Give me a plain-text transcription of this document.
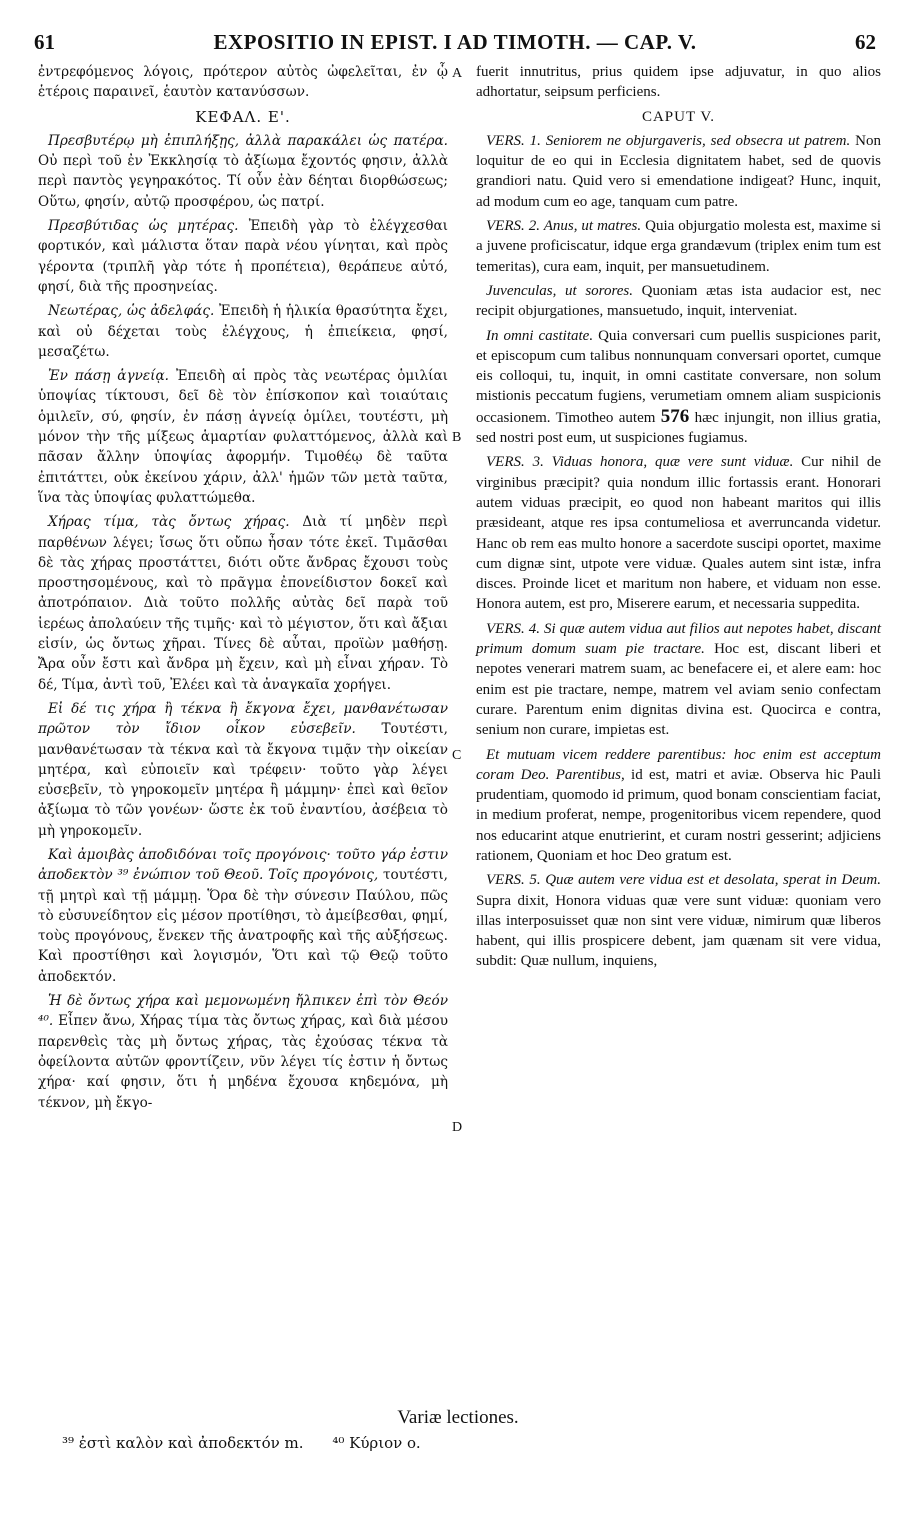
61	EXPOSITIO IN EPIST. I AD TIMOTH. — CAP. V.	62

ἐντρεφόμενος λόγοις, πρότερον αὐτὸς ὠφελεῖται, ἐν ᾧ ἑτέροις παραινεῖ, ἑαυτὸν κατανύσσων.

ΚΕΦΑΛ. Ε'.

Πρεσβυτέρῳ μὴ ἐπιπλήξῃς, ἀλλὰ παρακάλει ὡς πατέρα. Οὐ περὶ τοῦ ἐν Ἐκκλησίᾳ τὸ ἀξίωμα ἔχοντός φησιν, ἀλλὰ περὶ παντὸς γεγηρακότος. Τί οὖν ἐὰν δέηται διορθώσεως; Οὕτω, φησίν, αὐτῷ προσφέρου, ὡς πατρί.

Πρεσβύτιδας ὡς μητέρας. Ἐπειδὴ γὰρ τὸ ἐλέγχεσθαι φορτικόν, καὶ μάλιστα ὅταν παρὰ νέου γίνηται, καὶ πρὸς γέροντα (τριπλῆ γὰρ τότε ἡ προπέτεια), θεράπευε αὐτό, φησί, διὰ τῆς προσηνείας.

Νεωτέρας, ὡς ἀδελφάς. Ἐπειδὴ ἡ ἡλικία θρασύτητα ἔχει, καὶ οὐ δέχεται τοὺς ἐλέγχους, ἡ ἐπιείκεια, φησί, μεσαζέτω.

Ἐν πάσῃ ἁγνείᾳ. Ἐπειδὴ αἱ πρὸς τὰς νεωτέρας ὁμιλίαι ὑποψίας τίκτουσι, δεῖ δὲ τὸν ἐπίσκοπον καὶ τοιαύταις ὁμιλεῖν, σύ, φησίν, ἐν πάσῃ ἁγνείᾳ ὁμίλει, τουτέστι, μὴ μόνον τὴν τῆς μίξεως ἁμαρτίαν φυλαττόμενος, ἀλλὰ καὶ πᾶσαν ἄλλην ὑποψίας ἀφορμήν. Τιμοθέῳ δὲ ταῦτα ἐπιτάττει, οὐκ ἐκείνου χάριν, ἀλλ' ἡμῶν τῶν μετὰ ταῦτα, ἵνα τὰς ὑποψίας φυλαττώμεθα.

Χήρας τίμα, τὰς ὄντως χήρας. Διὰ τί μηδὲν περὶ παρθένων λέγει; ἴσως ὅτι οὔπω ἦσαν τότε ἐκεῖ. Τιμᾶσθαι δὲ τὰς χήρας προστάττει, διότι οὔτε ἄνδρας ἔχουσι τοὺς προστησομένους, καὶ τὸ πρᾶγμα ἐπονείδιστον δοκεῖ καὶ ἀποτρόπαιον. Διὰ τοῦτο πολλῆς αὐτὰς δεῖ παρὰ τοῦ ἱερέως ἀπολαύειν τῆς τιμῆς· καὶ τὸ μέγιστον, ὅτι καὶ ἄξιαι εἰσίν, ὡς ὄντως χῆραι. Τίνες δὲ αὗται, προϊὼν μαθήσῃ. Ἄρα οὖν ἔστι καὶ ἄνδρα μὴ ἔχειν, καὶ μὴ εἶναι χήραν. Τὸ δέ, Τίμα, ἀντὶ τοῦ, Ἐλέει καὶ τὰ ἀναγκαῖα χορήγει.

Εἰ δέ τις χήρα ἢ τέκνα ἢ ἔκγονα ἔχει, μανθανέτωσαν πρῶτον τὸν ἴδιον οἶκον εὐσεβεῖν. Τουτέστι, μανθανέτωσαν τὰ τέκνα καὶ τὰ ἔκγονα τιμᾷν τὴν οἰκείαν μητέρα, καὶ εὐποιεῖν καὶ τρέφειν· τοῦτο γὰρ λέγει εὐσεβεῖν, τὸ γηροκομεῖν μητέρα ἢ μάμμην· ἐπεὶ καὶ θεῖον ἀξίωμα τὸ τῶν γονέων· ὥστε ἐκ τοῦ ἐναντίου, ἀσέβεια τὸ μὴ γηροκομεῖν.

Καὶ ἀμοιβὰς ἀποδιδόναι τοῖς προγόνοις· τοῦτο γάρ ἐστιν ἀποδεκτὸν ³⁹ ἐνώπιον τοῦ Θεοῦ. Τοῖς προγόνοις, τουτέστι, τῇ μητρὶ καὶ τῇ μάμμῃ. Ὅρα δὲ τὴν σύνεσιν Παύλου, πῶς τὸ εὐσυνείδητον εἰς μέσον προτίθησι, τὸ ἀμείβεσθαι, φημί, τοὺς προγόνους, ἕνεκεν τῆς ἀνατροφῆς καὶ τῆς αὐξήσεως. Καὶ προστίθησι καὶ λογισμόν, Ὅτι καὶ τῷ Θεῷ τοῦτο ἀποδεκτόν.

Ἡ δὲ ὄντως χήρα καὶ μεμονωμένη ἤλπικεν ἐπὶ τὸν Θεόν ⁴⁰. Εἶπεν ἄνω, Χήρας τίμα τὰς ὄντως χήρας, καὶ διὰ μέσου παρενθεὶς τὰς μὴ ὄντως χήρας, τὰς ἐχούσας τέκνα τὰ ὀφείλοντα αὐτῶν φροντίζειν, νῦν λέγει τίς ἐστιν ἡ ὄντως χήρα· καί φησιν, ὅτι ἡ μηδένα ἔχουσα κηδεμόνα, μὴ τέκνον, μὴ ἔκγο-

fuerit innutritus, prius quidem ipse adjuvatur, in quo alios adhortatur, seipsum perficiens.

CAPUT V.

VERS. 1. Seniorem ne objurgaveris, sed obsecra ut patrem. Non loquitur de eo qui in Ecclesia dignitatem habet, sed de quovis grandiori natu. Quid vero si emendatione indigeat? Hunc, inquit, ad modum cum eo age, tanquam cum patre.

VERS. 2. Anus, ut matres. Quia objurgatio molesta est, maxime si a juvene proficiscatur, idque erga grandævum (triplex enim tum est temeritas), cura eam, inquit, per mansuetudinem.

Juvenculas, ut sorores. Quoniam ætas ista audacior est, nec recipit objurgationes, mansuetudo, inquit, interveniat.

In omni castitate. Quia conversari cum puellis suspiciones parit, et episcopum cum talibus nonnunquam conversari oportet, cumque eis colloqui, tu, inquit, in omni castitate conversare, non solum mistionis peccatum fugiens, verumetiam omnem aliam suspicionis occasionem. Timotheo autem 576 hæc injungit, non illius gratia, sed nostri post eum, ut suspiciones fugiamus.

VERS. 3. Viduas honora, quæ vere sunt viduæ. Cur nihil de virginibus præcipit? quia nondum illic fortassis erant. Honorari autem viduas præcipit, eo quod non habeant maritos qui illis præsideant, atque res ipsa contumeliosa et averruncanda videtur. Hanc ob rem eas multo honore a sacerdote suscipi oportet, maxime cum dignæ sint, utpote vere viduæ. Quales autem sint istæ, infra disces. Proinde licet et maritum non habere, et viduam non esse. Honora autem, est pro, Miserere earum, et necessaria suppedita.

VERS. 4. Si quæ autem vidua aut filios aut nepotes habet, discant primum domum suam pie tractare. Hoc est, discant liberi et nepotes venerari matrem suam, ac benefacere ei, et alere eam: hoc enim est pie tractare, nempe, matrem vel aviam senio confectam curare. Parentum enim dignitas divina est. Quocirca e contra, senium non curare, impietas est.

Et mutuam vicem reddere parentibus: hoc enim est acceptum coram Deo. Parentibus, id est, matri et aviæ. Observa hic Pauli prudentiam, quomodo id primum, quod bonam conscientiam faciat, in medium proferat, nempe, progenitoribus vicem rependere, quod nos educarint atque enutrierint, et curam nostri gesserint; adjiciens rationem, Quoniam et hoc Deo gratum est.

VERS. 5. Quæ autem vere vidua est et desolata, sperat in Deum. Supra dixit, Honora viduas quæ vere sunt viduæ: quoniam vero illas interposuisset quæ non sint vere viduæ, nimirum quæ liberos habent, qui illis prospicere debent, jam quænam sit vere vidua, subdit: Quæ nullum, inquiens,

A
B
C
D
Variæ lectiones.
³⁹ ἐστὶ καλὸν καὶ ἀποδεκτόν m. ⁴⁰ Κύριον o.
